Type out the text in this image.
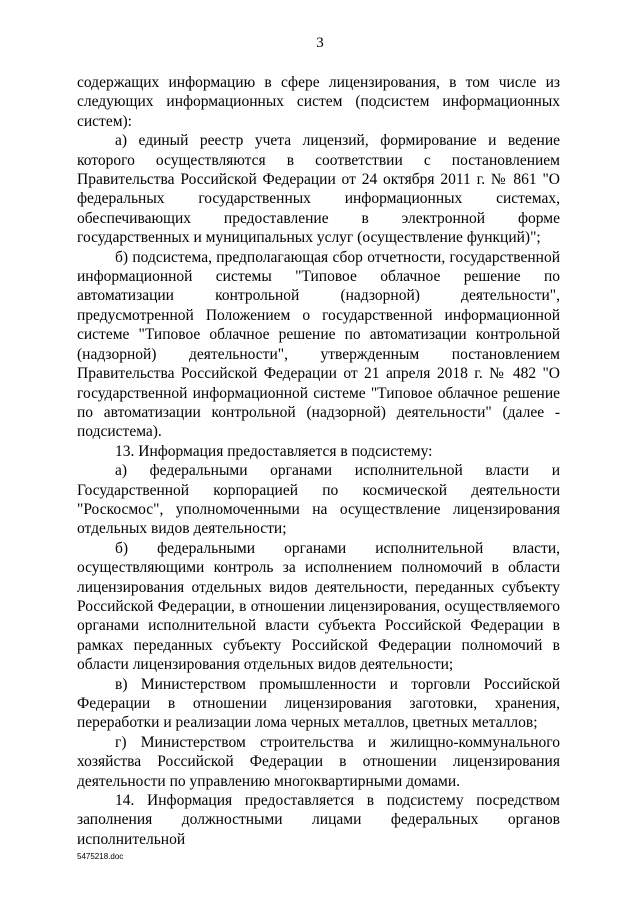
3

содержащих информацию в сфере лицензирования, в том числе из следующих информационных систем (подсистем информационных систем):

а) единый реестр учета лицензий, формирование и ведение которого осуществляются в соответствии с постановлением Правительства Российской Федерации от 24 октября 2011 г. № 861 "О федеральных государственных информационных системах, обеспечивающих предоставление в электронной форме государственных и муниципальных услуг (осуществление функций)";

б) подсистема, предполагающая сбор отчетности, государственной информационной системы "Типовое облачное решение по автоматизации контрольной (надзорной) деятельности", предусмотренной Положением о государственной информационной системе "Типовое облачное решение по автоматизации контрольной (надзорной) деятельности", утвержденным постановлением Правительства Российской Федерации от 21 апреля 2018 г. № 482 "О государственной информационной системе "Типовое облачное решение по автоматизации контрольной (надзорной) деятельности" (далее - подсистема).

13. Информация предоставляется в подсистему:

а) федеральными органами исполнительной власти и Государственной корпорацией по космической деятельности "Роскосмос", уполномоченными на осуществление лицензирования отдельных видов деятельности;

б) федеральными органами исполнительной власти, осуществляющими контроль за исполнением полномочий в области лицензирования отдельных видов деятельности, переданных субъекту Российской Федерации, в отношении лицензирования, осуществляемого органами исполнительной власти субъекта Российской Федерации в рамках переданных субъекту Российской Федерации полномочий в области лицензирования отдельных видов деятельности;

в) Министерством промышленности и торговли Российской Федерации в отношении лицензирования заготовки, хранения, переработки и реализации лома черных металлов, цветных металлов;

г) Министерством строительства и жилищно-коммунального хозяйства Российской Федерации в отношении лицензирования деятельности по управлению многоквартирными домами.

14. Информация предоставляется в подсистему посредством заполнения должностными лицами федеральных органов исполнительной

5475218.doc
